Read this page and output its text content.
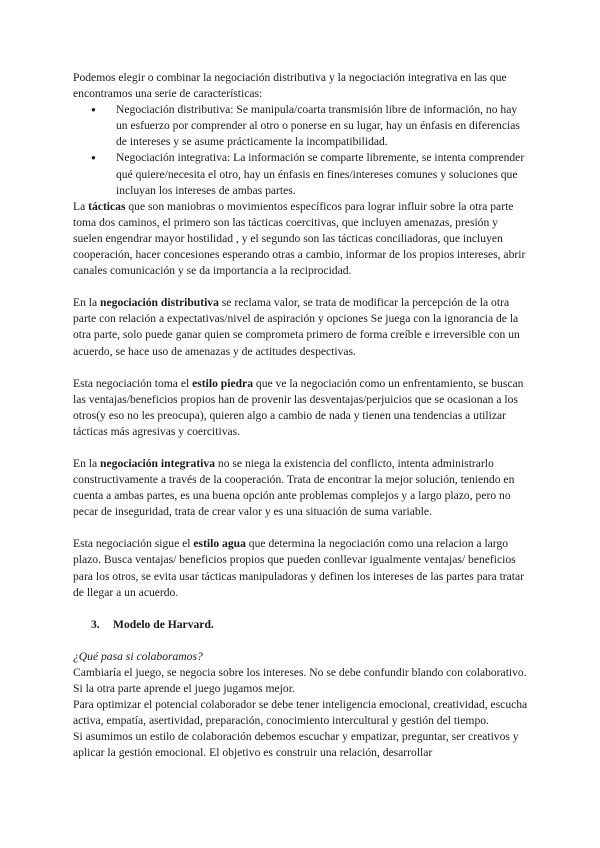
Podemos elegir o combinar la negociación distributiva y la negociación integrativa en las que encontramos una serie de características:

● Negociación distributiva: Se manipula/coarta transmisión libre de información, no hay un esfuerzo por comprender al otro o ponerse en su lugar, hay un énfasis en diferencias de intereses y se asume prácticamente la incompatibilidad.
● Negociación integrativa: La información se comparte libremente, se intenta comprender qué quiere/necesita el otro, hay un énfasis en fines/intereses comunes y soluciones que incluyan los intereses de ambas partes.

La tácticas que son maniobras o movimientos específicos para lograr influir sobre la otra parte toma dos caminos, el primero son las tácticas coercitivas, que incluyen amenazas, presión y suelen engendrar mayor hostilidad , y el segundo son las tácticas conciliadoras, que incluyen cooperación, hacer concesiones esperando otras a cambio, informar de los propios intereses, abrir canales comunicación y se da importancia a la reciprocidad.

En la negociación distributiva se reclama valor, se trata de modificar la percepción de la otra parte con relación a expectativas/nivel de aspiración y opciones Se juega con la ignorancia de la otra parte, solo puede ganar quien se comprometa primero de forma creíble e irreversible con un acuerdo, se hace uso de amenazas y de actitudes despectivas.

Esta negociación toma el estilo piedra que ve la negociación como un enfrentamiento, se buscan las ventajas/beneficios propios han de provenir las desventajas/perjuicios que se ocasionan a los otros(y eso no les preocupa), quieren algo a cambio de nada y tienen una tendencias a utilizar tácticas más agresivas y coercitivas.

En la negociación integrativa no se niega la existencia del conflicto, intenta administrarlo constructivamente a través de la cooperación. Trata de encontrar la mejor solución, teniendo en cuenta a ambas partes, es una buena opción ante problemas complejos y a largo plazo, pero no pecar de inseguridad, trata de crear valor y es una situación de suma variable.

Esta negociación sigue el estilo agua que determina la negociación como una relacion a largo plazo. Busca ventajas/ beneficios propios que pueden conllevar igualmente ventajas/ beneficios para los otros, se evita usar tácticas manipuladoras y definen los intereses de las partes para tratar de llegar a un acuerdo.

3. Modelo de Harvard.

¿Qué pasa si colaboramos?

Cambiaría el juego, se negocia sobre los intereses. No se debe confundir blando con colaborativo. Si la otra parte aprende el juego jugamos mejor.

Para optimizar el potencial colaborador se debe tener inteligencia emocional, creatividad, escucha activa, empatía, asertividad, preparación, conocimiento intercultural y gestión del tiempo.

Si asumimos un estilo de colaboración debemos escuchar y empatizar, preguntar, ser creativos y aplicar la gestión emocional. El objetivo es construir una relación, desarrollar
